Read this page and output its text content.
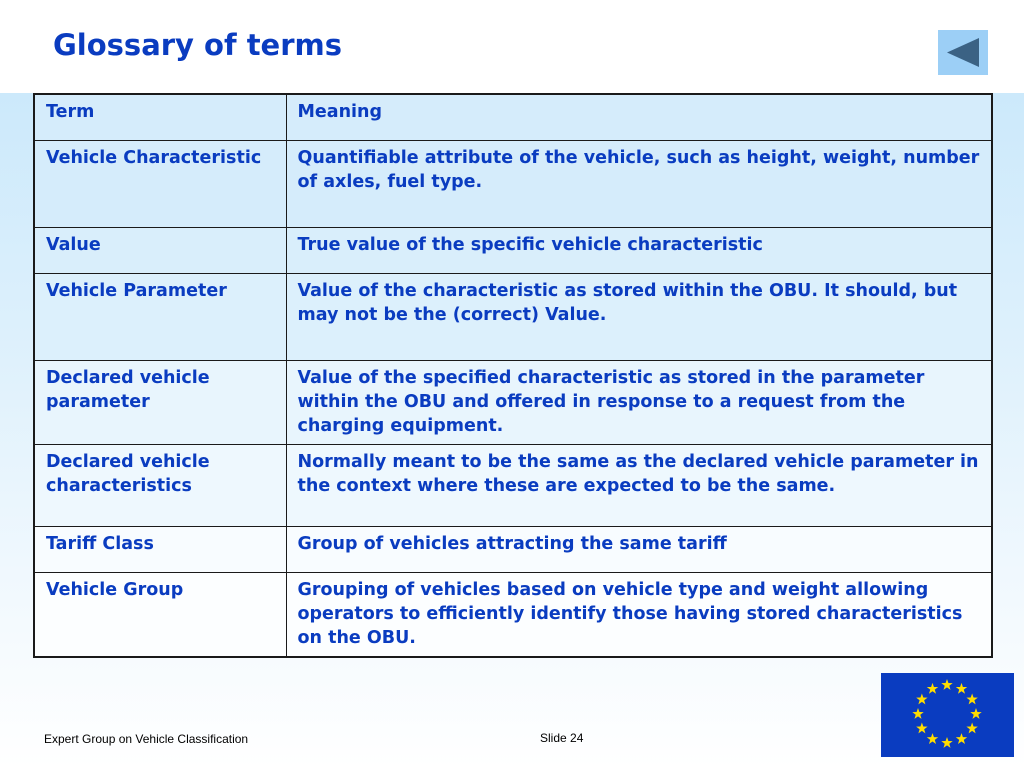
Glossary of terms
Term	Meaning
Vehicle Characteristic	Quantifiable attribute of the vehicle, such as height, weight, number of axles, fuel type.
Value	True value of the specific vehicle characteristic
Vehicle Parameter	Value of the characteristic as stored within the OBU. It should, but may not be the (correct) Value.
Declared vehicle parameter	Value of the specified characteristic as stored in the parameter within the OBU and offered in response to a request from the charging equipment.
Declared vehicle characteristics	Normally meant to be the same as the declared vehicle parameter in the context where these are expected to be the same.
Tariff Class	Group of vehicles attracting the same tariff
Vehicle Group	Grouping of vehicles based on vehicle type and weight allowing operators to efficiently identify those having stored characteristics on the OBU.
Expert Group on Vehicle Classification	Slide 24
